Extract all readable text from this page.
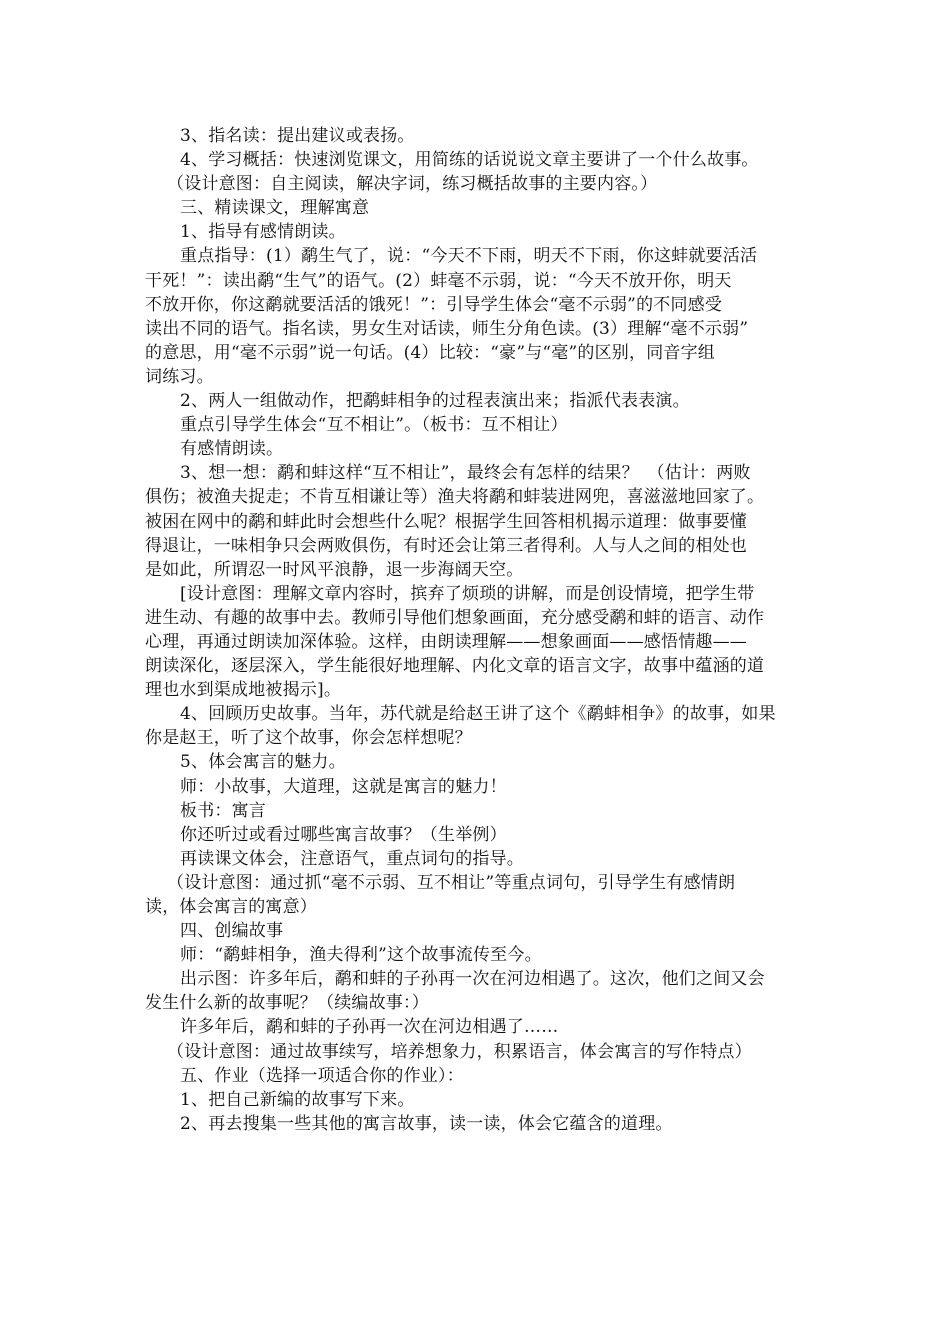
3、指名读：提出建议或表扬。
4、学习概括：快速浏览课文，用简练的话说说文章主要讲了一个什么故事。
（设计意图：自主阅读，解决字词，练习概括故事的主要内容。）
三、精读课文，理解寓意
1、指导有感情朗读。
重点指导：(1）鹬生气了，说：“今天不下雨，明天不下雨，你这蚌就要活活
干死！”：读出鹬“生气”的语气。(2）蚌毫不示弱，说：“今天不放开你，明天
不放开你，你这鹬就要活活的饿死！”：引导学生体会“毫不示弱”的不同感受
读出不同的语气。指名读，男女生对话读，师生分角色读。(3）理解“毫不示弱”
的意思，用“毫不示弱”说一句话。(4）比较：“豪”与“毫”的区别，同音字组
词练习。
2、两人一组做动作，把鹬蚌相争的过程表演出来；指派代表表演。
重点引导学生体会“互不相让”。（板书：互不相让）
有感情朗读。
3、想一想：鹬和蚌这样“互不相让”，最终会有怎样的结果？　（估计：两败
俱伤；被渔夫捉走；不肯互相谦让等）渔夫将鹬和蚌装进网兜，喜滋滋地回家了。
被困在网中的鹬和蚌此时会想些什么呢？根据学生回答相机揭示道理：做事要懂
得退让，一味相争只会两败俱伤，有时还会让第三者得利。人与人之间的相处也
是如此，所谓忍一时风平浪静，退一步海阔天空。
[设计意图：理解文章内容时，摈弃了烦琐的讲解，而是创设情境，把学生带
进生动、有趣的故事中去。教师引导他们想象画面，充分感受鹬和蚌的语言、动作
心理，再通过朗读加深体验。这样，由朗读理解——想象画面——感悟情趣——
朗读深化，逐层深入，学生能很好地理解、内化文章的语言文字，故事中蕴涵的道
理也水到渠成地被揭示]。
4、回顾历史故事。当年，苏代就是给赵王讲了这个《鹬蚌相争》的故事，如果
你是赵王，听了这个故事，你会怎样想呢？
5、体会寓言的魅力。
师：小故事，大道理，这就是寓言的魅力！
板书：寓言
你还听过或看过哪些寓言故事？（生举例）
再读课文体会，注意语气，重点词句的指导。
（设计意图：通过抓“毫不示弱、互不相让”等重点词句，引导学生有感情朗
读，体会寓言的寓意）
四、创编故事
师：“鹬蚌相争，渔夫得利”这个故事流传至今。
出示图：许多年后，鹬和蚌的子孙再一次在河边相遇了。这次，他们之间又会
发生什么新的故事呢？（续编故事：）
许多年后，鹬和蚌的子孙再一次在河边相遇了……
（设计意图：通过故事续写，培养想象力，积累语言，体会寓言的写作特点）
五、作业（选择一项适合你的作业）：
1、把自己新编的故事写下来。
2、再去搜集一些其他的寓言故事，读一读，体会它蕴含的道理。
